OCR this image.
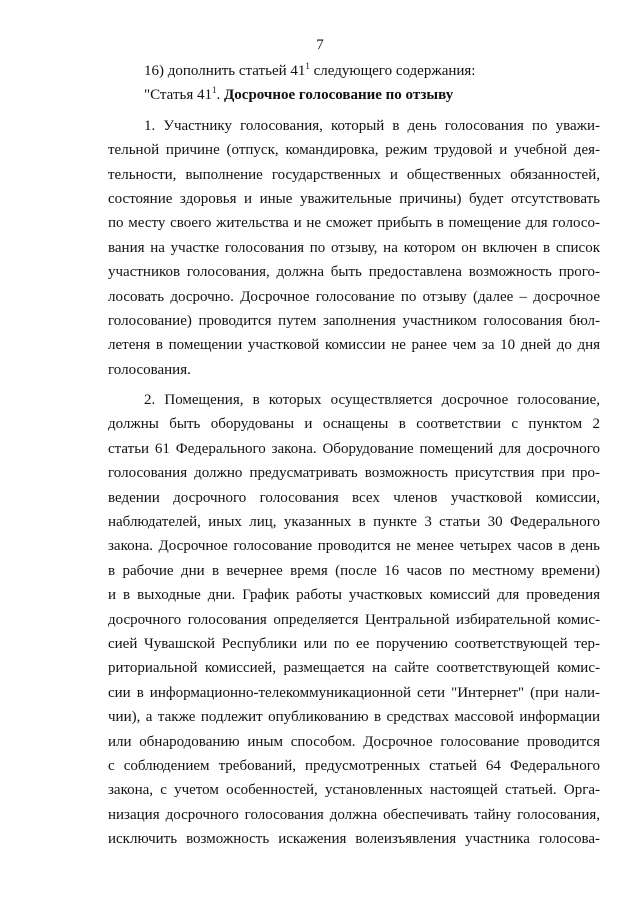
7
16) дополнить статьей $41^1$ следующего содержания:
"Статья $41^1$. Досрочное голосование по отзыву
1. Участнику голосования, который в день голосования по уважи-
тельной причине (отпуск, командировка, режим трудовой и учебной дея-
тельности, выполнение государственных и общественных обязанностей,
состояние здоровья и иные уважительные причины) будет отсутствовать
по месту своего жительства и не сможет прибыть в помещение для голосо-
вания на участке голосования по отзыву, на котором он включен в список
участников голосования, должна быть предоставлена возможность прого-
лосовать досрочно. Досрочное голосование по отзыву (далее – досрочное
голосование) проводится путем заполнения участником голосования бюл-
летеня в помещении участковой комиссии не ранее чем за 10 дней до дня
голосования.
2. Помещения, в которых осуществляется досрочное голосование,
должны быть оборудованы и оснащены в соответствии с пунктом 2
статьи 61 Федерального закона. Оборудование помещений для досрочного
голосования должно предусматривать возможность присутствия при про-
ведении досрочного голосования всех членов участковой комиссии,
наблюдателей, иных лиц, указанных в пункте 3 статьи 30 Федерального
закона. Досрочное голосование проводится не менее четырех часов в день
в рабочие дни в вечернее время (после 16 часов по местному времени)
и в выходные дни. График работы участковых комиссий для проведения
досрочного голосования определяется Центральной избирательной комис-
сией Чувашской Республики или по ее поручению соответствующей тер-
риториальной комиссией, размещается на сайте соответствующей комис-
сии в информационно-телекоммуникационной сети "Интернет" (при нали-
чии), а также подлежит опубликованию в средствах массовой информации
или обнародованию иным способом. Досрочное голосование проводится
с соблюдением требований, предусмотренных статьей 64 Федерального
закона, с учетом особенностей, установленных настоящей статьей. Орга-
низация досрочного голосования должна обеспечивать тайну голосования,
исключить возможность искажения волеизъявления участника голосова-
